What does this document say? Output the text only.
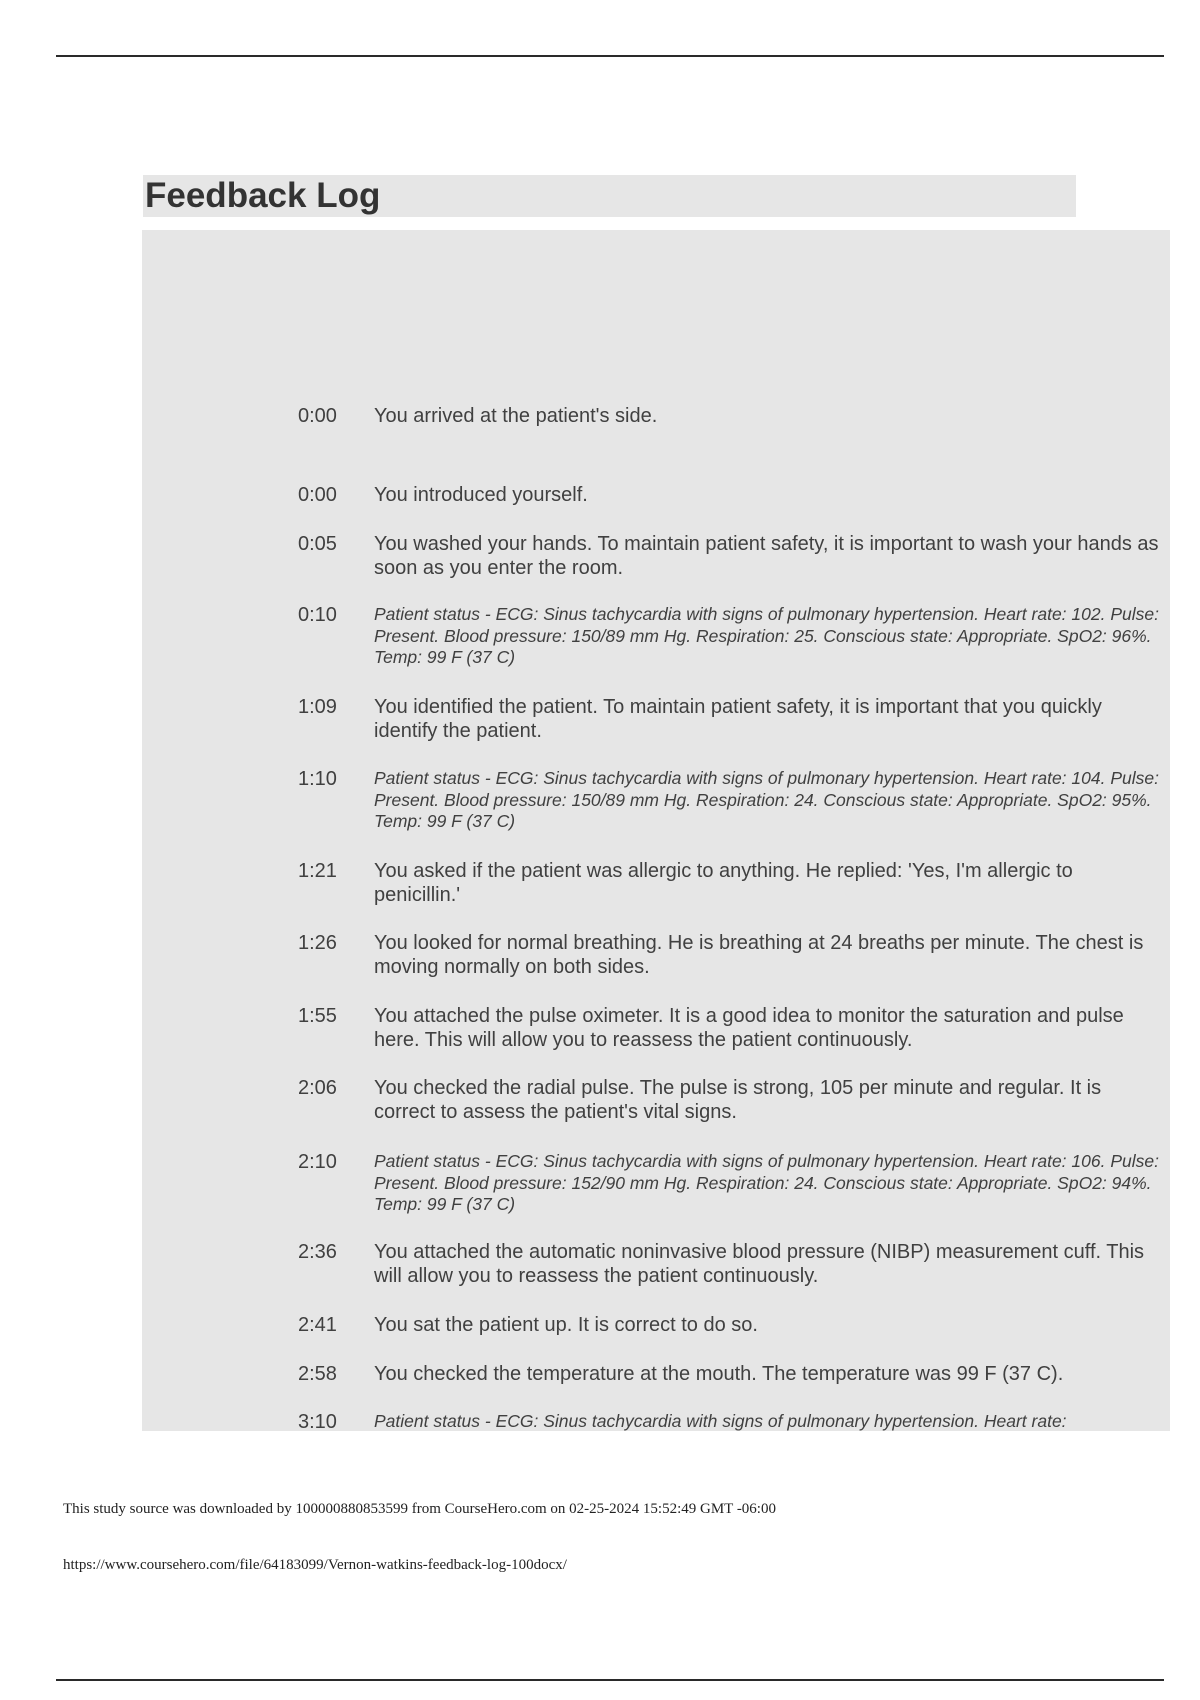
Feedback Log
0:00 You arrived at the patient's side.
0:00 You introduced yourself.
0:05 You washed your hands. To maintain patient safety, it is important to wash your hands as soon as you enter the room.
0:10 Patient status - ECG: Sinus tachycardia with signs of pulmonary hypertension. Heart rate: 102. Pulse: Present. Blood pressure: 150/89 mm Hg. Respiration: 25. Conscious state: Appropriate. SpO2: 96%. Temp: 99 F (37 C)
1:09 You identified the patient. To maintain patient safety, it is important that you quickly identify the patient.
1:10 Patient status - ECG: Sinus tachycardia with signs of pulmonary hypertension. Heart rate: 104. Pulse: Present. Blood pressure: 150/89 mm Hg. Respiration: 24. Conscious state: Appropriate. SpO2: 95%. Temp: 99 F (37 C)
1:21 You asked if the patient was allergic to anything. He replied: 'Yes, I'm allergic to penicillin.'
1:26 You looked for normal breathing. He is breathing at 24 breaths per minute. The chest is moving normally on both sides.
1:55 You attached the pulse oximeter. It is a good idea to monitor the saturation and pulse here. This will allow you to reassess the patient continuously.
2:06 You checked the radial pulse. The pulse is strong, 105 per minute and regular. It is correct to assess the patient's vital signs.
2:10 Patient status - ECG: Sinus tachycardia with signs of pulmonary hypertension. Heart rate: 106. Pulse: Present. Blood pressure: 152/90 mm Hg. Respiration: 24. Conscious state: Appropriate. SpO2: 94%. Temp: 99 F (37 C)
2:36 You attached the automatic noninvasive blood pressure (NIBP) measurement cuff. This will allow you to reassess the patient continuously.
2:41 You sat the patient up. It is correct to do so.
2:58 You checked the temperature at the mouth. The temperature was 99 F (37 C).
3:10 Patient status - ECG: Sinus tachycardia with signs of pulmonary hypertension. Heart rate:
This study source was downloaded by 100000880853599 from CourseHero.com on 02-25-2024 15:52:49 GMT -06:00
https://www.coursehero.com/file/64183099/Vernon-watkins-feedback-log-100docx/
